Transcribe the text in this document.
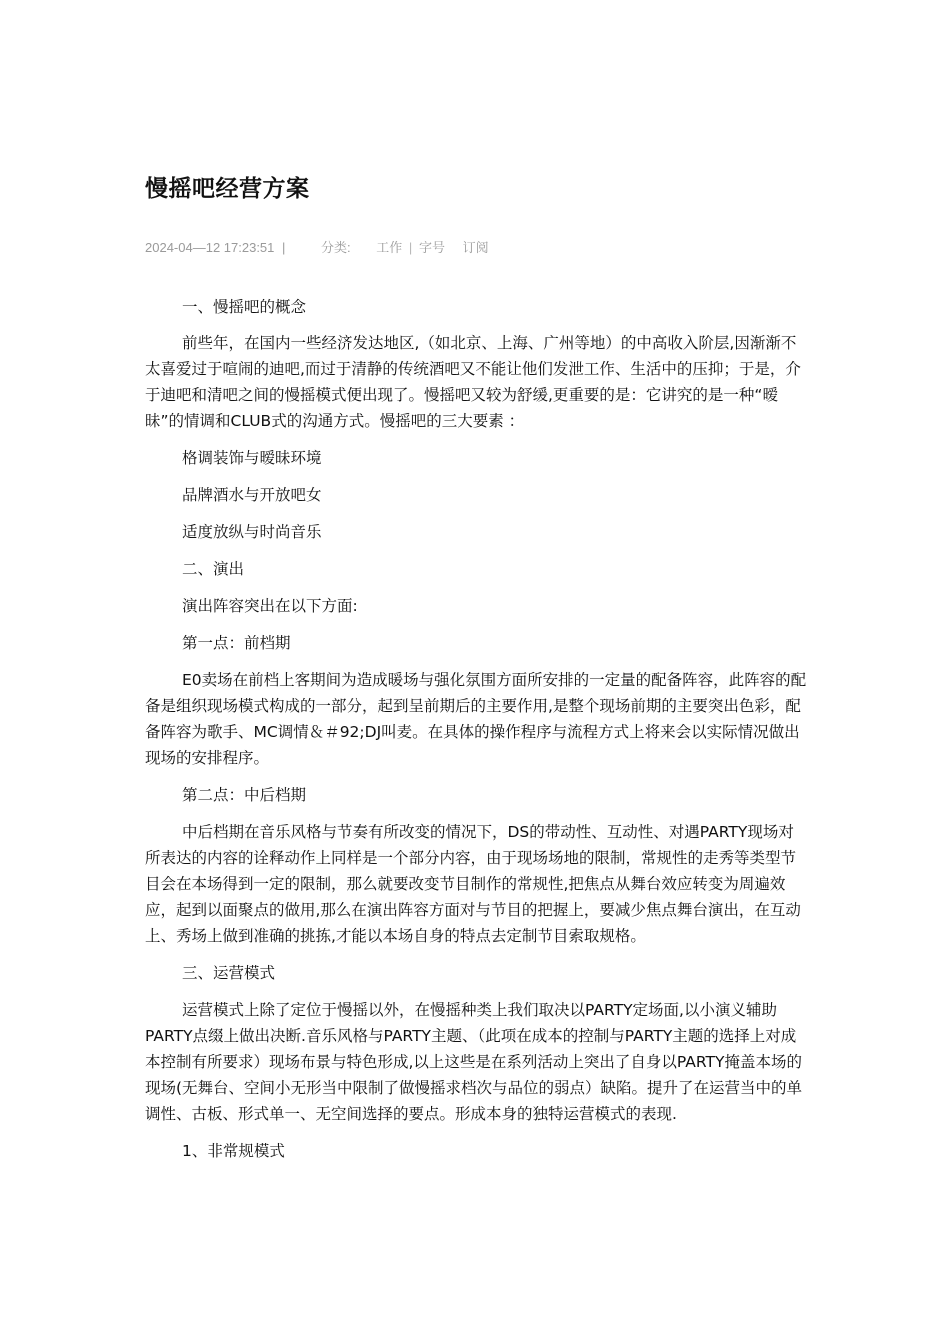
慢摇吧经营方案
2024-04—12 17:23:51 |	分类: 工作 | 字号 订阅

一、慢摇吧的概念

前些年，在国内一些经济发达地区,（如北京、上海、广州等地）的中高收入阶层,因渐渐不太喜爱过于喧闹的迪吧,而过于清静的传统酒吧又不能让他们发泄工作、生活中的压抑；于是，介于迪吧和清吧之间的慢摇模式便出现了。慢摇吧又较为舒缓,更重要的是：它讲究的是一种“暧昧”的情调和CLUB式的沟通方式。慢摇吧的三大要素 ：

格调装饰与暧昧环境

品牌酒水与开放吧女

适度放纵与时尚音乐

二、演出

演出阵容突出在以下方面:

第一点：前档期

E0卖场在前档上客期间为造成暖场与强化氛围方面所安排的一定量的配备阵容，此阵容的配备是组织现场模式构成的一部分，起到呈前期后的主要作用,是整个现场前期的主要突出色彩，配备阵容为歌手、MC调情＆＃92;DJ叫麦。在具体的操作程序与流程方式上将来会以实际情况做出现场的安排程序。

第二点：中后档期

中后档期在音乐风格与节奏有所改变的情况下，DS的带动性、互动性、对遇PARTY现场对所表达的内容的诠释动作上同样是一个部分内容，由于现场场地的限制，常规性的走秀等类型节目会在本场得到一定的限制，那么就要改变节目制作的常规性,把焦点从舞台效应转变为周遍效应，起到以面聚点的做用,那么在演出阵容方面对与节目的把握上，要减少焦点舞台演出，在互动上、秀场上做到准确的挑拣,才能以本场自身的特点去定制节目索取规格。

三、运营模式

运营模式上除了定位于慢摇以外，在慢摇种类上我们取决以PARTY定场面,以小演义辅助PARTY点缀上做出决断.音乐风格与PARTY主题、（此项在成本的控制与PARTY主题的选择上对成本控制有所要求）现场布景与特色形成,以上这些是在系列活动上突出了自身以PARTY掩盖本场的现场(无舞台、空间小无形当中限制了做慢摇求档次与品位的弱点）缺陷。提升了在运营当中的单调性、古板、形式单一、无空间选择的要点。形成本身的独特运营模式的表现.

1、非常规模式
